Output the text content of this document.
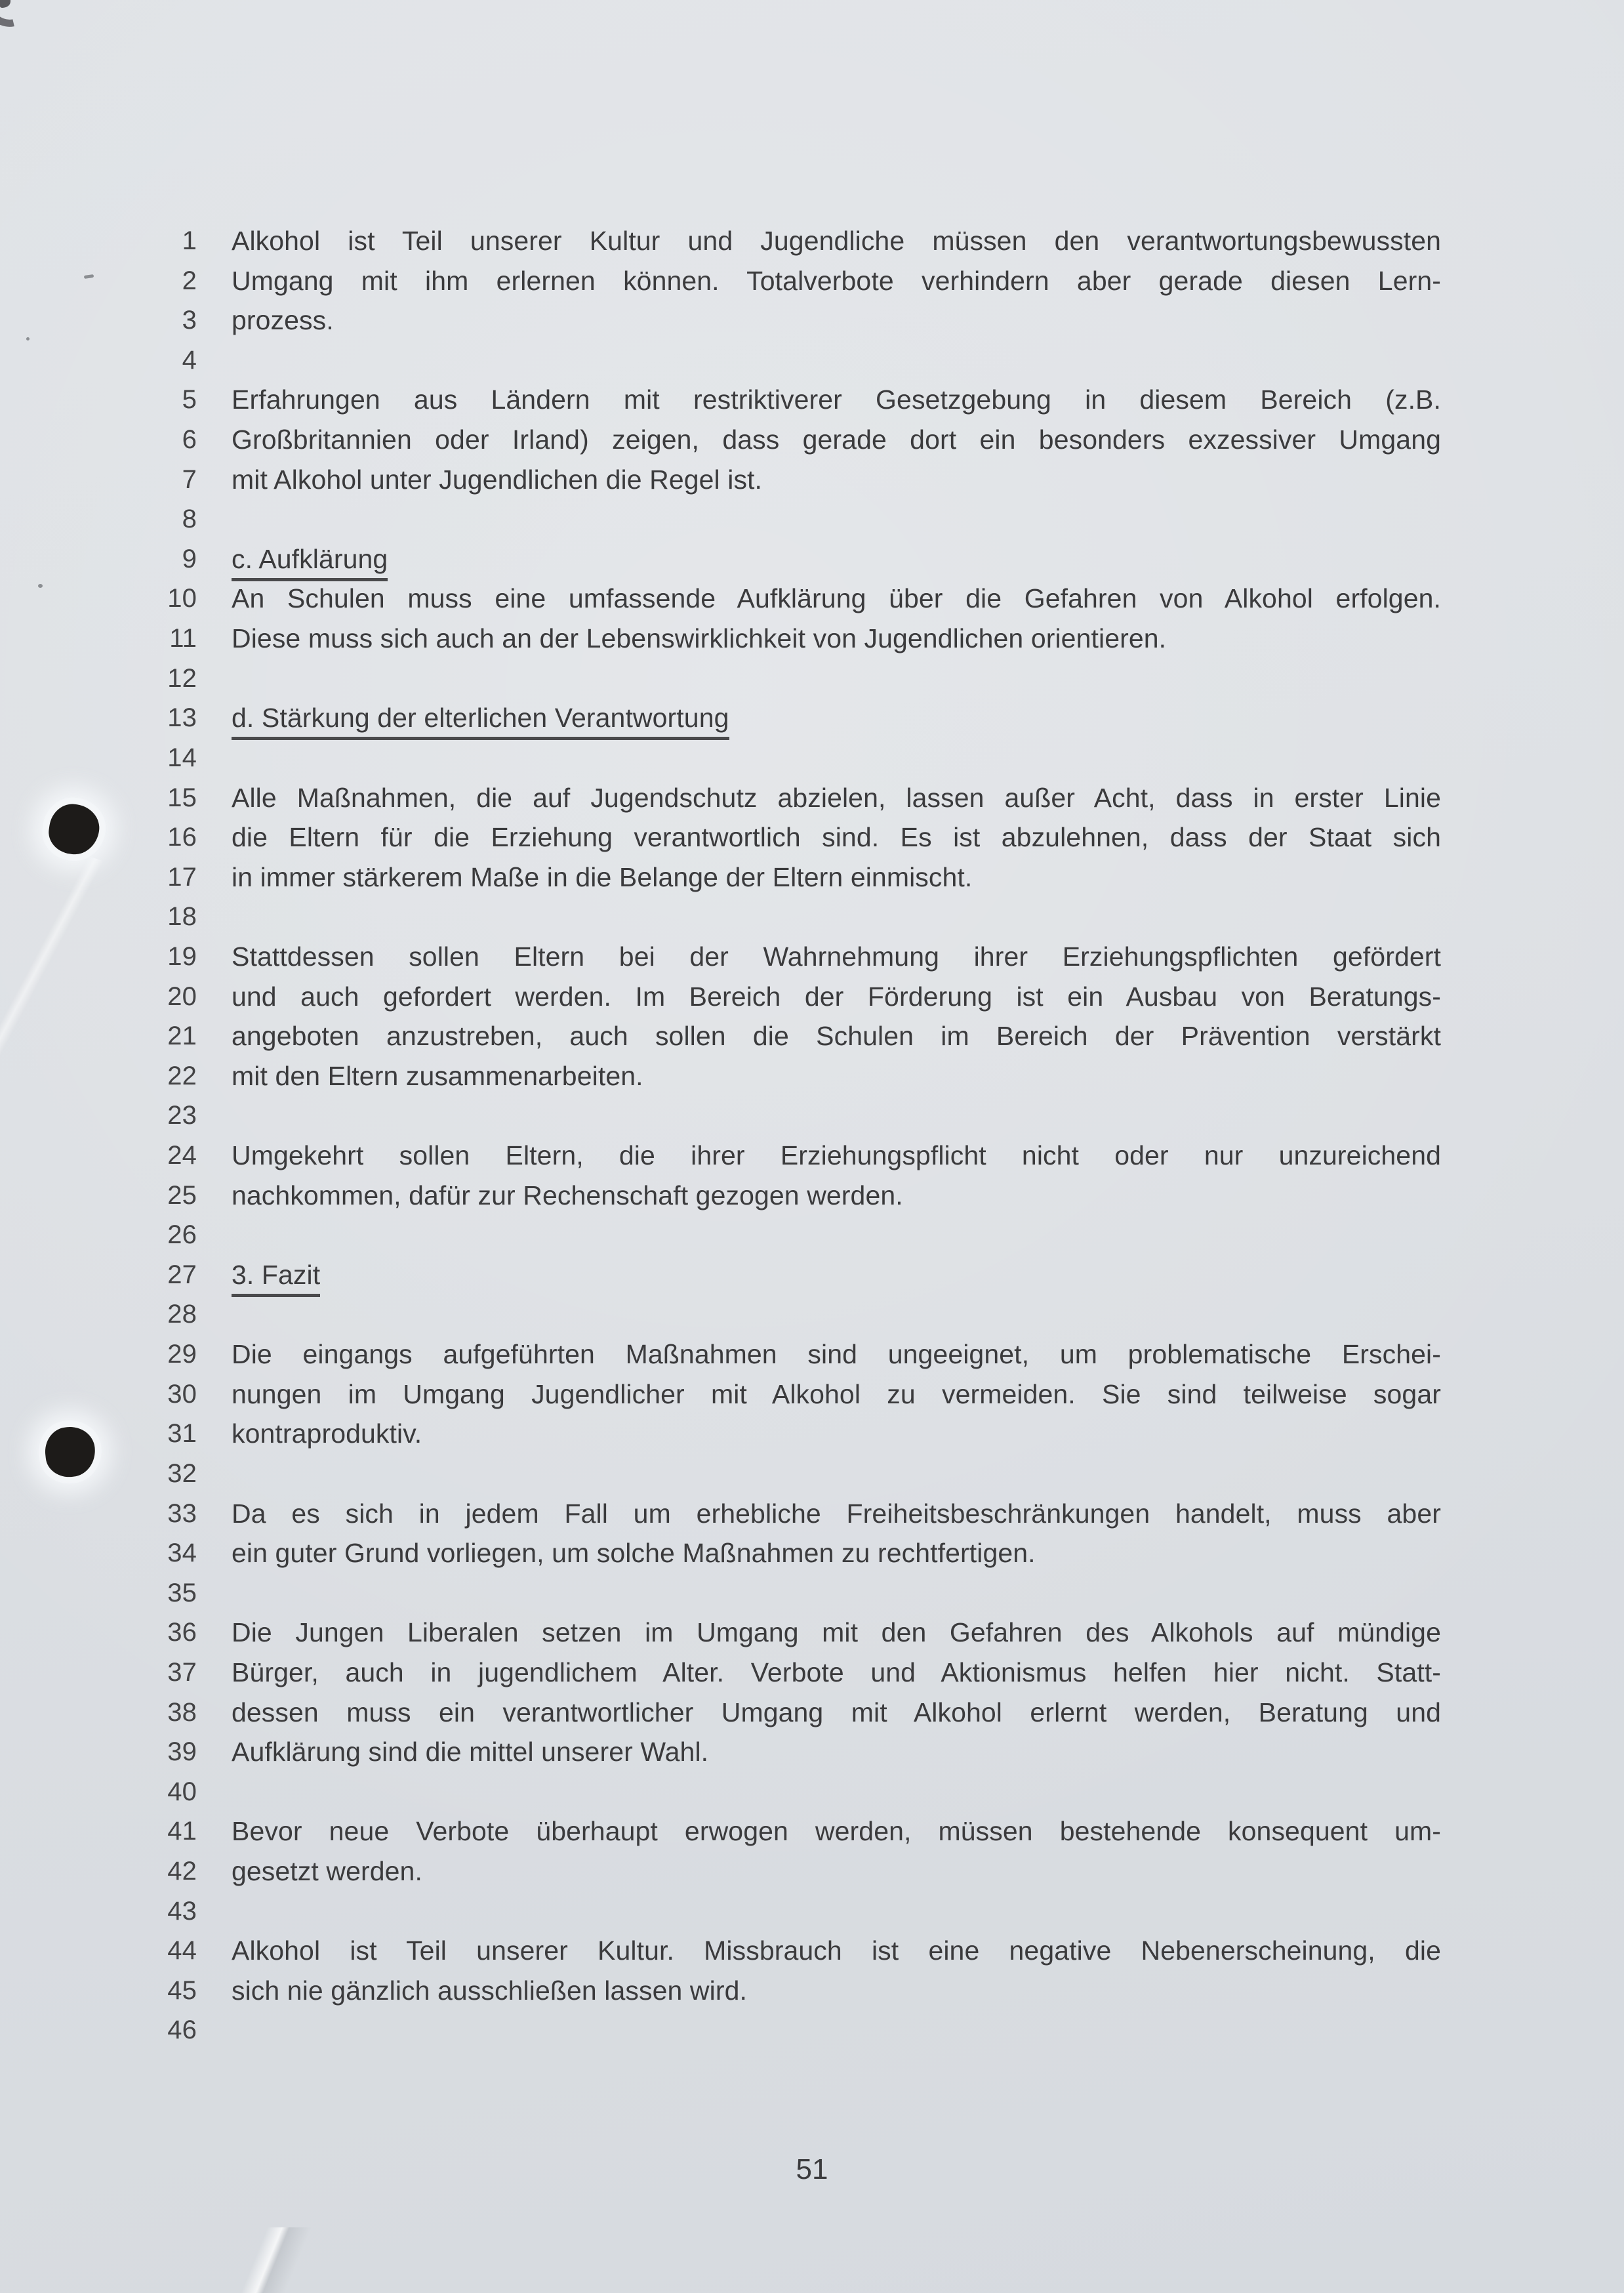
1 Alkohol ist Teil unserer Kultur und Jugendliche müssen den verantwortungsbewussten
2 Umgang mit ihm erlernen können. Totalverbote verhindern aber gerade diesen Lern-
3 prozess.
4
5 Erfahrungen aus Ländern mit restriktiverer Gesetzgebung in diesem Bereich (z.B.
6 Großbritannien oder Irland) zeigen, dass gerade dort ein besonders exzessiver Umgang
7 mit Alkohol unter Jugendlichen die Regel ist.
8
9 c. Aufklärung
10 An Schulen muss eine umfassende Aufklärung über die Gefahren von Alkohol erfolgen.
11 Diese muss sich auch an der Lebenswirklichkeit von Jugendlichen orientieren.
12
13 d. Stärkung der elterlichen Verantwortung
14
15 Alle Maßnahmen, die auf Jugendschutz abzielen, lassen außer Acht, dass in erster Linie
16 die Eltern für die Erziehung verantwortlich sind. Es ist abzulehnen, dass der Staat sich
17 in immer stärkerem Maße in die Belange der Eltern einmischt.
18
19 Stattdessen sollen Eltern bei der Wahrnehmung ihrer Erziehungspflichten gefördert
20 und auch gefordert werden. Im Bereich der Förderung ist ein Ausbau von Beratungs-
21 angeboten anzustreben, auch sollen die Schulen im Bereich der Prävention verstärkt
22 mit den Eltern zusammenarbeiten.
23
24 Umgekehrt sollen Eltern, die ihrer Erziehungspflicht nicht oder nur unzureichend
25 nachkommen, dafür zur Rechenschaft gezogen werden.
26
27 3. Fazit
28
29 Die eingangs aufgeführten Maßnahmen sind ungeeignet, um problematische Erschei-
30 nungen im Umgang Jugendlicher mit Alkohol zu vermeiden. Sie sind teilweise sogar
31 kontraproduktiv.
32
33 Da es sich in jedem Fall um erhebliche Freiheitsbeschränkungen handelt, muss aber
34 ein guter Grund vorliegen, um solche Maßnahmen zu rechtfertigen.
35
36 Die Jungen Liberalen setzen im Umgang mit den Gefahren des Alkohols auf mündige
37 Bürger, auch in jugendlichem Alter. Verbote und Aktionismus helfen hier nicht. Statt-
38 dessen muss ein verantwortlicher Umgang mit Alkohol erlernt werden, Beratung und
39 Aufklärung sind die mittel unserer Wahl.
40
41 Bevor neue Verbote überhaupt erwogen werden, müssen bestehende konsequent um-
42 gesetzt werden.
43
44 Alkohol ist Teil unserer Kultur. Missbrauch ist eine negative Nebenerscheinung, die
45 sich nie gänzlich ausschließen lassen wird.
46
51
